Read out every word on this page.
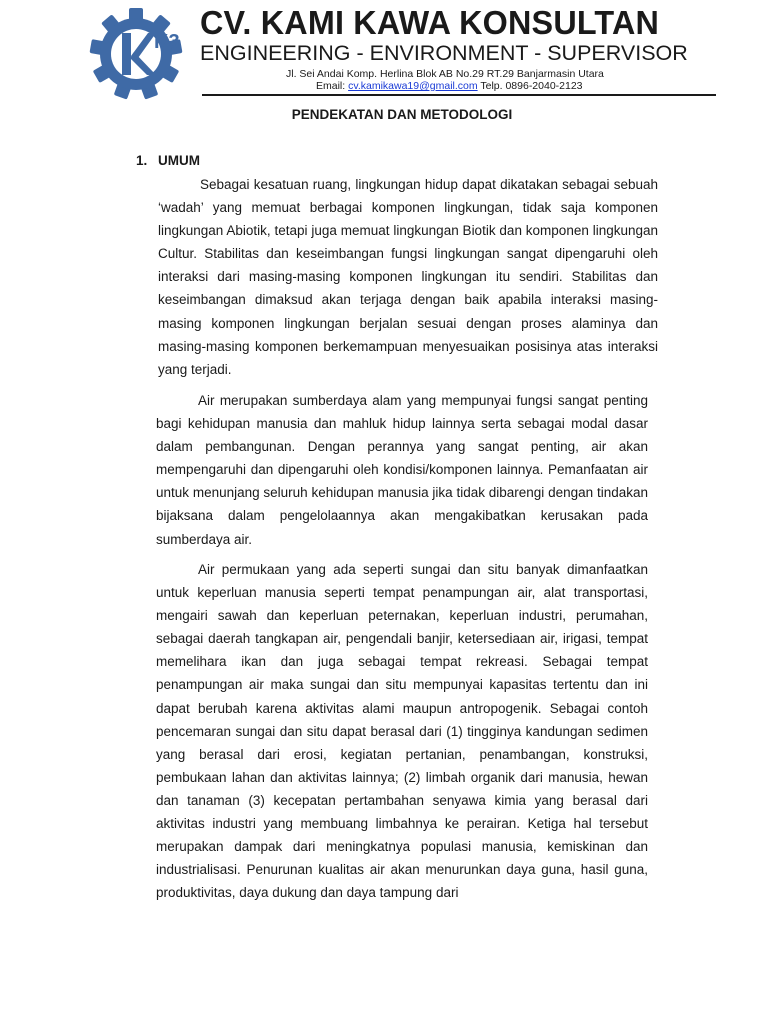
K3
CV. KAMI KAWA KONSULTAN
ENGINEERING - ENVIRONMENT - SUPERVISOR
Jl. Sei Andai Komp. Herlina Blok AB No.29 RT.29 Banjarmasin Utara
Email: cv.kamikawa19@gmail.com Telp. 0896-2040-2123
PENDEKATAN DAN METODOLOGI
1. UMUM

Sebagai kesatuan ruang, lingkungan hidup dapat dikatakan sebagai sebuah ‘wadah’ yang memuat berbagai komponen lingkungan, tidak saja komponen lingkungan Abiotik, tetapi juga memuat lingkungan Biotik dan komponen lingkungan Cultur. Stabilitas dan keseimbangan fungsi lingkungan sangat dipengaruhi oleh interaksi dari masing-masing komponen lingkungan itu sendiri. Stabilitas dan keseimbangan dimaksud akan terjaga dengan baik apabila interaksi masing-masing komponen lingkungan berjalan sesuai dengan proses alaminya dan masing-masing komponen berkemampuan menyesuaikan posisinya atas interaksi yang terjadi.

Air merupakan sumberdaya alam yang mempunyai fungsi sangat penting bagi kehidupan manusia dan mahluk hidup lainnya serta sebagai modal dasar dalam pembangunan. Dengan perannya yang sangat penting, air akan mempengaruhi dan dipengaruhi oleh kondisi/komponen lainnya. Pemanfaatan air untuk menunjang seluruh kehidupan manusia jika tidak dibarengi dengan tindakan bijaksana dalam pengelolaannya akan mengakibatkan kerusakan pada sumberdaya air.

Air permukaan yang ada seperti sungai dan situ banyak dimanfaatkan untuk keperluan manusia seperti tempat penampungan air, alat transportasi, mengairi sawah dan keperluan peternakan, keperluan industri, perumahan, sebagai daerah tangkapan air, pengendali banjir, ketersediaan air, irigasi, tempat memelihara ikan dan juga sebagai tempat rekreasi. Sebagai tempat penampungan air maka sungai dan situ mempunyai kapasitas tertentu dan ini dapat berubah karena aktivitas alami maupun antropogenik. Sebagai contoh pencemaran sungai dan situ dapat berasal dari (1) tingginya kandungan sedimen yang berasal dari erosi, kegiatan pertanian, penambangan, konstruksi, pembukaan lahan dan aktivitas lainnya; (2) limbah organik dari manusia, hewan dan tanaman (3) kecepatan pertambahan senyawa kimia yang berasal dari aktivitas industri yang membuang limbahnya ke perairan. Ketiga hal tersebut merupakan dampak dari meningkatnya populasi manusia, kemiskinan dan industrialisasi. Penurunan kualitas air akan menurunkan daya guna, hasil guna, produktivitas, daya dukung dan daya tampung dari
